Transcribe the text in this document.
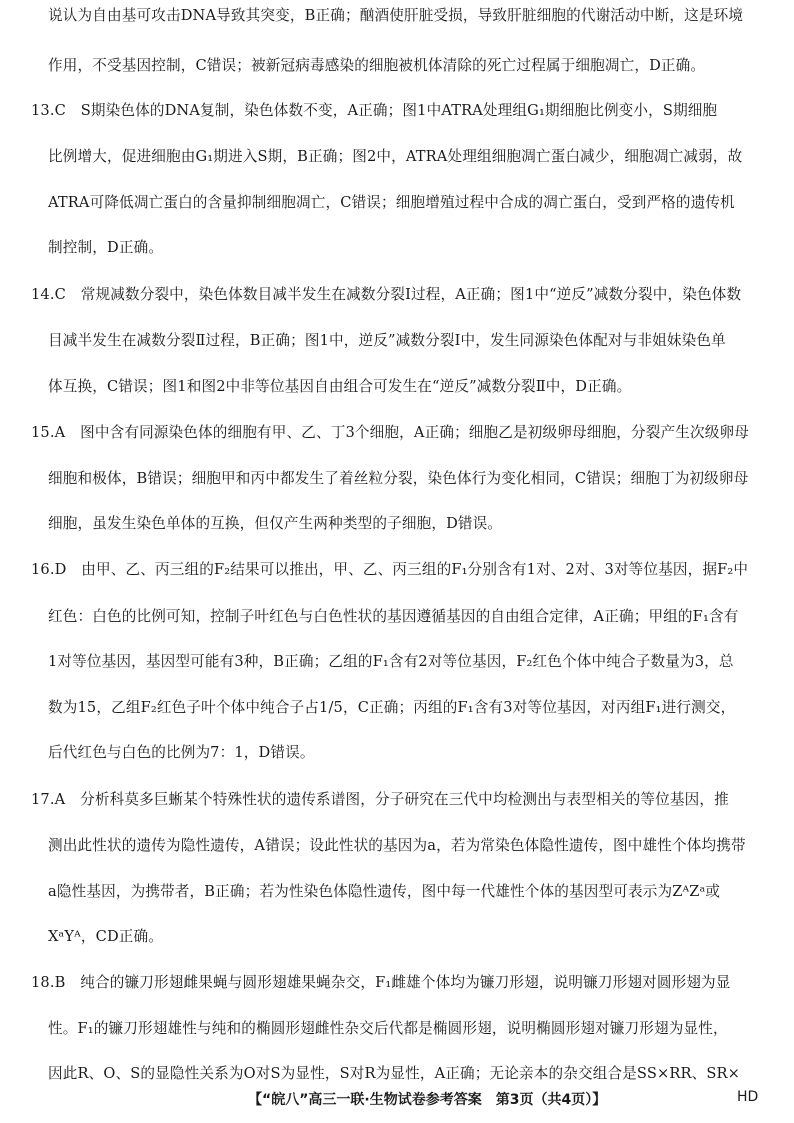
说认为自由基可攻击DNA导致其突变，B正确；酗酒使肝脏受损，导致肝脏细胞的代谢活动中断，这是环境
作用，不受基因控制，C错误；被新冠病毒感染的细胞被机体清除的死亡过程属于细胞凋亡，D正确。
13.C　S期染色体的DNA复制，染色体数不变，A正确；图1中ATRA处理组G₁期细胞比例变小，S期细胞
比例增大，促进细胞由G₁期进入S期，B正确；图2中，ATRA处理组细胞凋亡蛋白减少，细胞凋亡减弱，故
ATRA可降低凋亡蛋白的含量抑制细胞凋亡，C错误；细胞增殖过程中合成的凋亡蛋白，受到严格的遗传机
制控制，D正确。
14.C　常规减数分裂中，染色体数目减半发生在减数分裂Ⅰ过程，A正确；图1中“逆反”减数分裂中，染色体数
目减半发生在减数分裂Ⅱ过程，B正确；图1中，逆反”减数分裂Ⅰ中，发生同源染色体配对与非姐妹染色单
体互换，C错误；图1和图2中非等位基因自由组合可发生在“逆反”减数分裂Ⅱ中，D正确。
15.A　图中含有同源染色体的细胞有甲、乙、丁3个细胞，A正确；细胞乙是初级卵母细胞，分裂产生次级卵母
细胞和极体，B错误；细胞甲和丙中都发生了着丝粒分裂，染色体行为变化相同，C错误；细胞丁为初级卵母
细胞，虽发生染色单体的互换，但仅产生两种类型的子细胞，D错误。
16.D　由甲、乙、丙三组的F₂结果可以推出，甲、乙、丙三组的F₁分别含有1对、2对、3对等位基因，据F₂中
红色：白色的比例可知，控制子叶红色与白色性状的基因遵循基因的自由组合定律，A正确；甲组的F₁含有
1对等位基因，基因型可能有3种，B正确；乙组的F₁含有2对等位基因，F₂红色个体中纯合子数量为3，总
数为15，乙组F₂红色子叶个体中纯合子占1/5，C正确；丙组的F₁含有3对等位基因，对丙组F₁进行测交，
后代红色与白色的比例为7：1，D错误。
17.A　分析科莫多巨蜥某个特殊性状的遗传系谱图，分子研究在三代中均检测出与表型相关的等位基因，推
测出此性状的遗传为隐性遗传，A错误；设此性状的基因为a，若为常染色体隐性遗传，图中雄性个体均携带
a隐性基因，为携带者，B正确；若为性染色体隐性遗传，图中每一代雄性个体的基因型可表示为ZᴬZᵃ或
XᵃYᴬ，CD正确。
18.B　纯合的镰刀形翅雌果蝇与圆形翅雄果蝇杂交，F₁雌雄个体均为镰刀形翅，说明镰刀形翅对圆形翅为显
性。F₁的镰刀形翅雄性与纯和的椭圆形翅雌性杂交后代都是椭圆形翅，说明椭圆形翅对镰刀形翅为显性，
因此R、O、S的显隐性关系为O对S为显性，S对R为显性，A正确；无论亲本的杂交组合是SS×RR、SR×
【“皖八”高三一联·生物试卷参考答案　第3页（共4页）】	HD
